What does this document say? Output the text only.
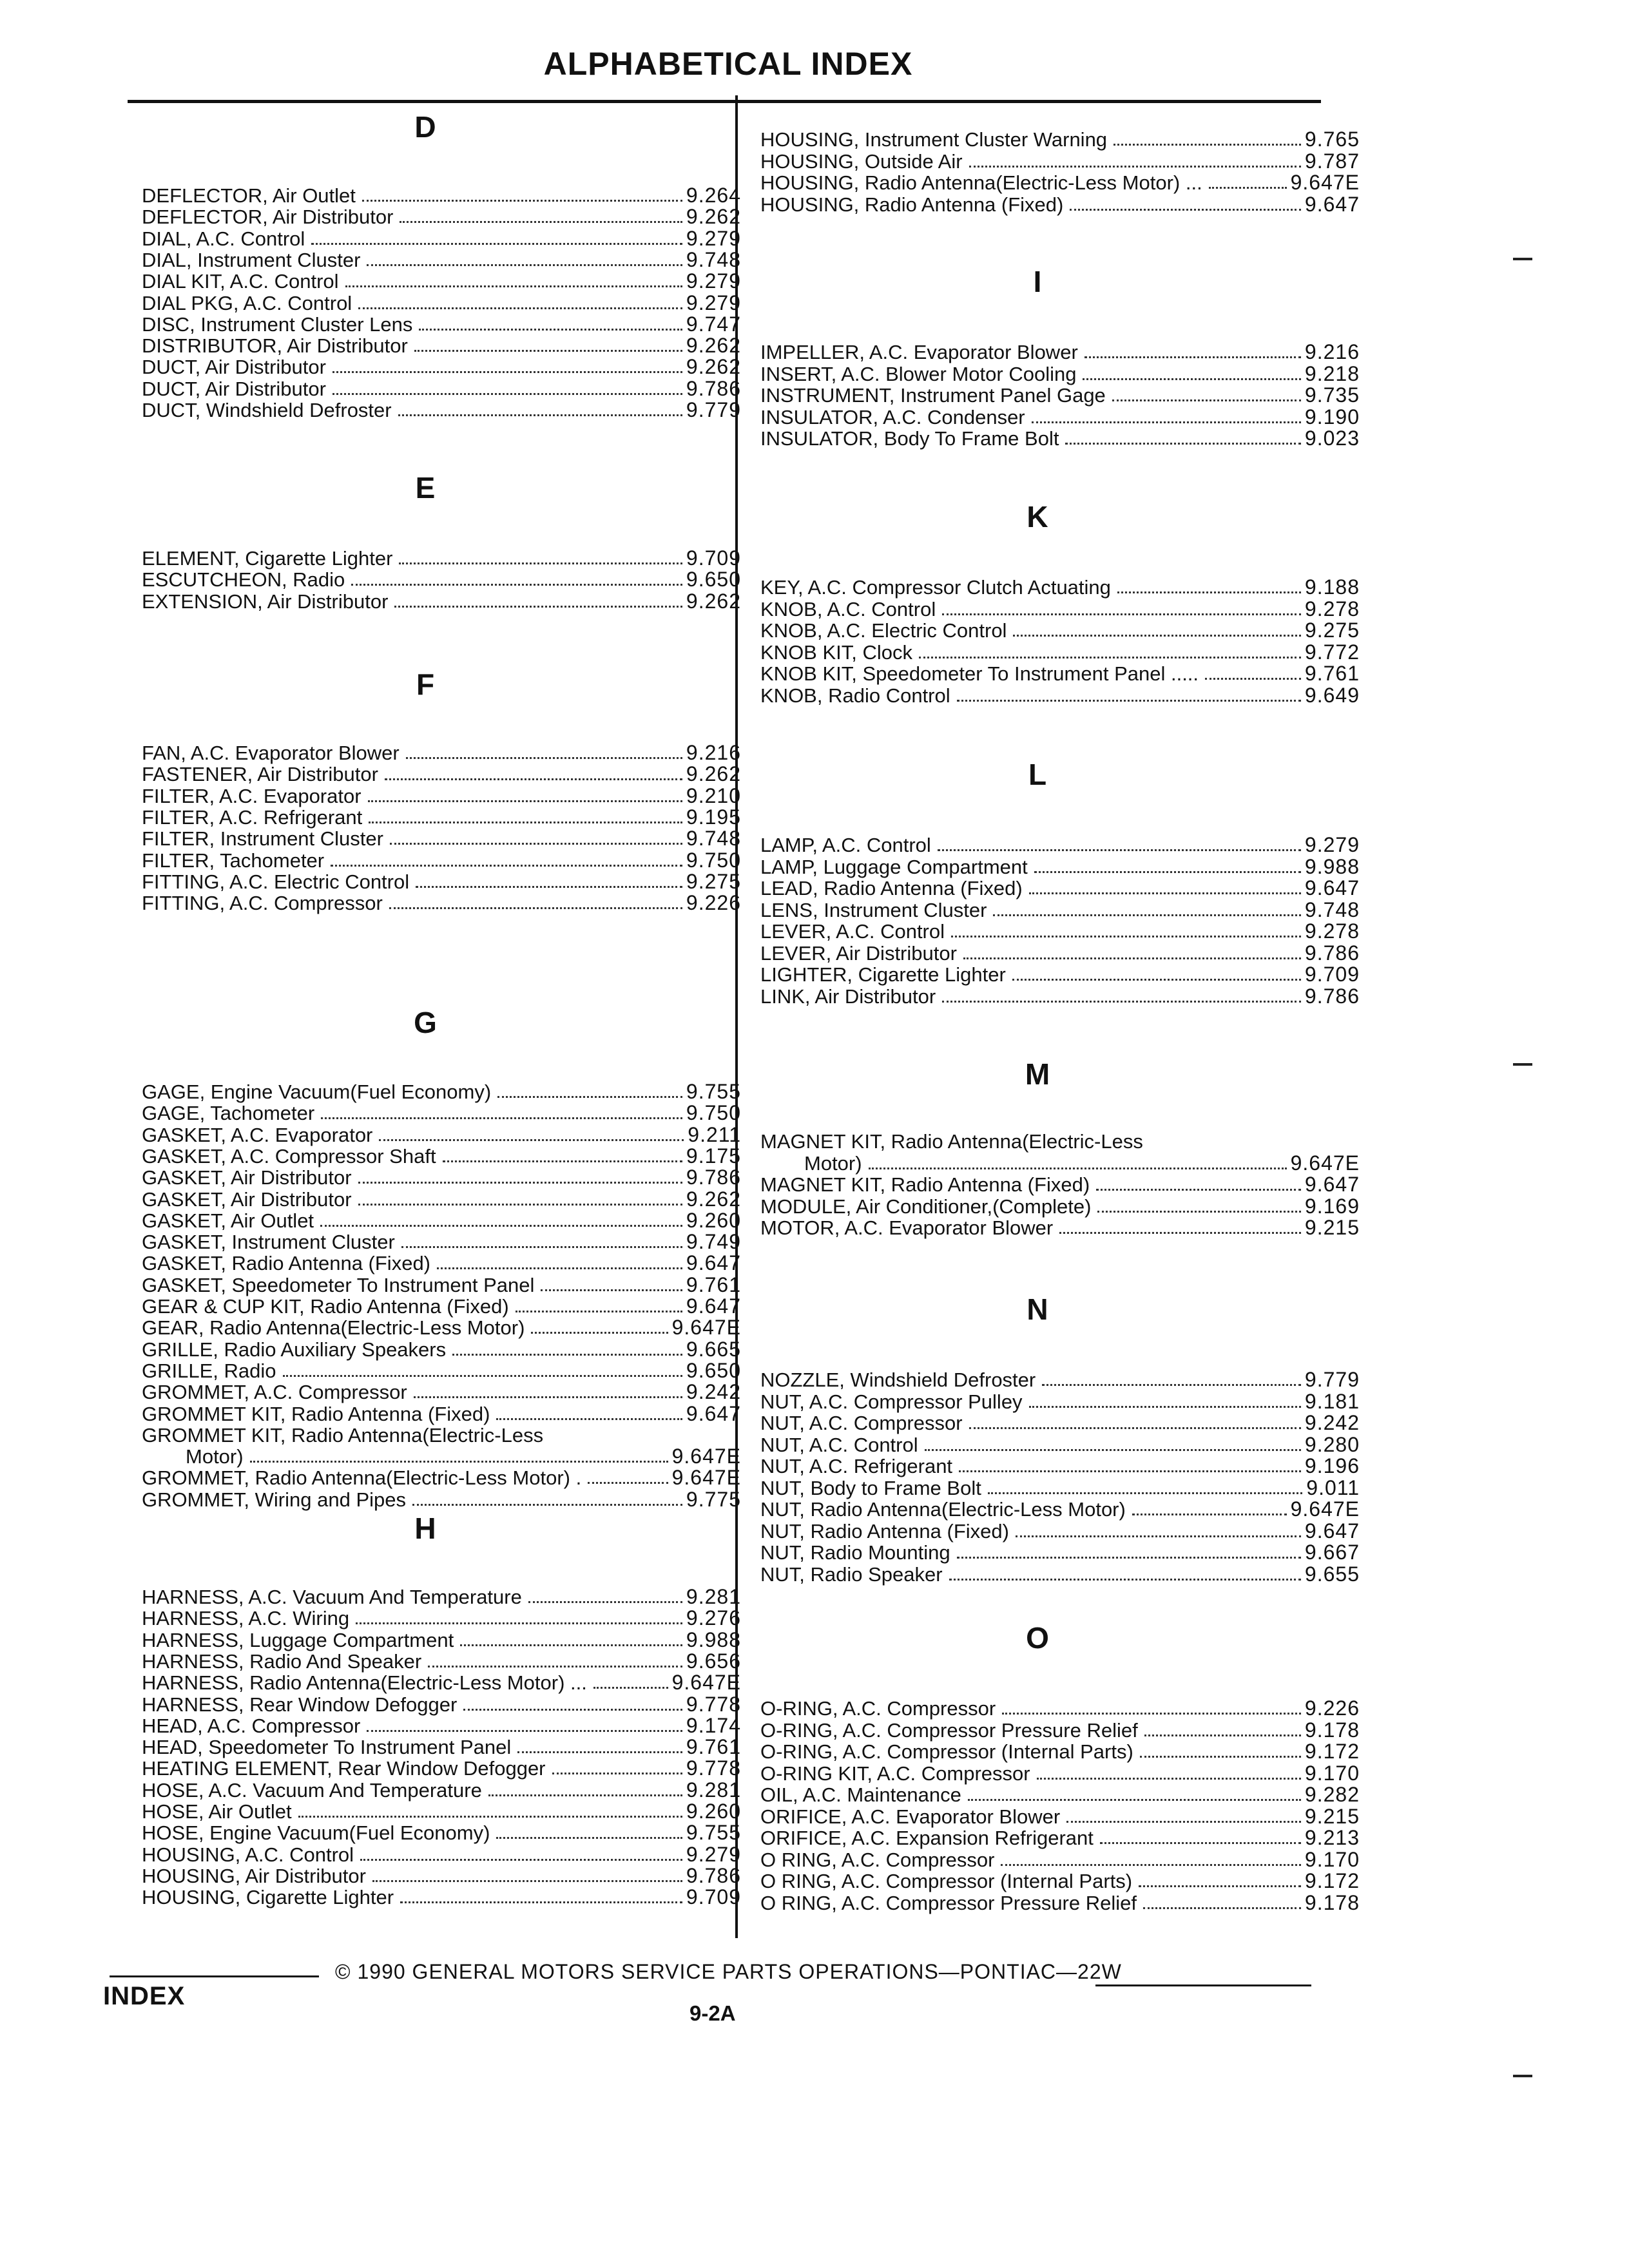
ALPHABETICAL INDEX
D
DEFLECTOR, Air Outlet	9.264
DEFLECTOR, Air Distributor	9.262
DIAL, A.C. Control	9.279
DIAL, Instrument Cluster	9.748
DIAL KIT, A.C. Control	9.279
DIAL PKG, A.C. Control	9.279
DISC, Instrument Cluster Lens	9.747
DISTRIBUTOR, Air Distributor	9.262
DUCT, Air Distributor	9.262
DUCT, Air Distributor	9.786
DUCT, Windshield Defroster	9.779
E
ELEMENT, Cigarette Lighter	9.709
ESCUTCHEON, Radio	9.650
EXTENSION, Air Distributor	9.262
F
FAN, A.C. Evaporator Blower	9.216
FASTENER, Air Distributor	9.262
FILTER, A.C. Evaporator	9.210
FILTER, A.C. Refrigerant	9.195
FILTER, Instrument Cluster	9.748
FILTER, Tachometer	9.750
FITTING, A.C. Electric Control	9.275
FITTING, A.C. Compressor	9.226
G
GAGE, Engine Vacuum(Fuel Economy)	9.755
GAGE, Tachometer	9.750
GASKET, A.C. Evaporator	9.211
GASKET, A.C. Compressor Shaft	9.175
GASKET, Air Distributor	9.786
GASKET, Air Distributor	9.262
GASKET, Air Outlet	9.260
GASKET, Instrument Cluster	9.749
GASKET, Radio Antenna (Fixed)	9.647
GASKET, Speedometer To Instrument Panel	9.761
GEAR & CUP KIT, Radio Antenna (Fixed)	9.647
GEAR, Radio Antenna(Electric-Less Motor)	9.647E
GRILLE, Radio Auxiliary Speakers	9.665
GRILLE, Radio	9.650
GROMMET, A.C. Compressor	9.242
GROMMET KIT, Radio Antenna (Fixed)	9.647
GROMMET KIT, Radio Antenna(Electric-Less
Motor)	9.647E
GROMMET, Radio Antenna(Electric-Less Motor) .	9.647E
GROMMET, Wiring and Pipes	9.775
H
HARNESS, A.C. Vacuum And Temperature	9.281
HARNESS, A.C. Wiring	9.276
HARNESS, Luggage Compartment	9.988
HARNESS, Radio And Speaker	9.656
HARNESS, Radio Antenna(Electric-Less Motor) ...	9.647E
HARNESS, Rear Window Defogger	9.778
HEAD, A.C. Compressor	9.174
HEAD, Speedometer To Instrument Panel	9.761
HEATING ELEMENT, Rear Window Defogger	9.778
HOSE, A.C. Vacuum And Temperature	9.281
HOSE, Air Outlet	9.260
HOSE, Engine Vacuum(Fuel Economy)	9.755
HOUSING, A.C. Control	9.279
HOUSING, Air Distributor	9.786
HOUSING, Cigarette Lighter	9.709
HOUSING, Instrument Cluster Warning	9.765
HOUSING, Outside Air	9.787
HOUSING, Radio Antenna(Electric-Less Motor) ...	9.647E
HOUSING, Radio Antenna (Fixed)	9.647
I
IMPELLER, A.C. Evaporator Blower	9.216
INSERT, A.C. Blower Motor Cooling	9.218
INSTRUMENT, Instrument Panel Gage	9.735
INSULATOR, A.C. Condenser	9.190
INSULATOR, Body To Frame Bolt	9.023
K
KEY, A.C. Compressor Clutch Actuating	9.188
KNOB, A.C. Control	9.278
KNOB, A.C. Electric Control	9.275
KNOB KIT, Clock	9.772
KNOB KIT, Speedometer To Instrument Panel .....	9.761
KNOB, Radio Control	9.649
L
LAMP, A.C. Control	9.279
LAMP, Luggage Compartment	9.988
LEAD, Radio Antenna (Fixed)	9.647
LENS, Instrument Cluster	9.748
LEVER, A.C. Control	9.278
LEVER, Air Distributor	9.786
LIGHTER, Cigarette Lighter	9.709
LINK, Air Distributor	9.786
M
MAGNET KIT, Radio Antenna(Electric-Less
Motor)	9.647E
MAGNET KIT, Radio Antenna (Fixed)	9.647
MODULE, Air Conditioner,(Complete)	9.169
MOTOR, A.C. Evaporator Blower	9.215
N
NOZZLE, Windshield Defroster	9.779
NUT, A.C. Compressor Pulley	9.181
NUT, A.C. Compressor	9.242
NUT, A.C. Control	9.280
NUT, A.C. Refrigerant	9.196
NUT, Body to Frame Bolt	9.011
NUT, Radio Antenna(Electric-Less Motor)	9.647E
NUT, Radio Antenna (Fixed)	9.647
NUT, Radio Mounting	9.667
NUT, Radio Speaker	9.655
O
O-RING, A.C. Compressor	9.226
O-RING, A.C. Compressor Pressure Relief	9.178
O-RING, A.C. Compressor (Internal Parts)	9.172
O-RING KIT, A.C. Compressor	9.170
OIL, A.C. Maintenance	9.282
ORIFICE, A.C. Evaporator Blower	9.215
ORIFICE, A.C. Expansion Refrigerant	9.213
O RING, A.C. Compressor	9.170
O RING, A.C. Compressor (Internal Parts)	9.172
O RING, A.C. Compressor Pressure Relief	9.178
© 1990 GENERAL MOTORS SERVICE PARTS OPERATIONS—PONTIAC—22W
INDEX
9-2A
